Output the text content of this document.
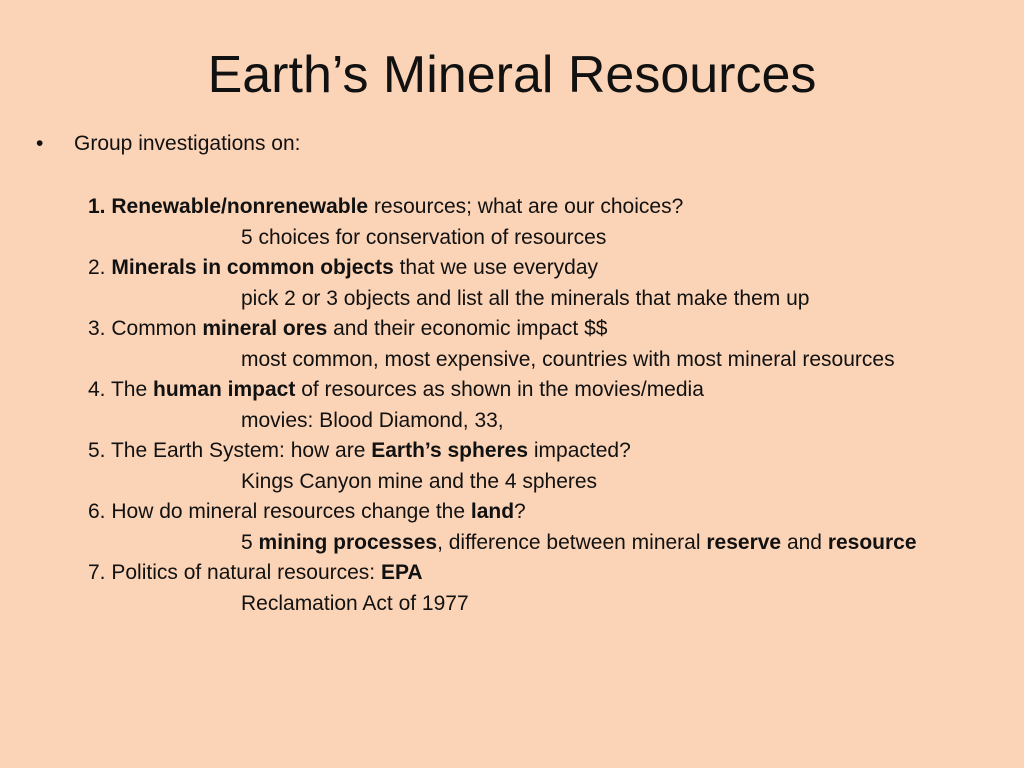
Earth’s Mineral Resources
• Group investigations on:
1. Renewable/nonrenewable resources; what are our choices?
5 choices for conservation of resources
2. Minerals in common objects that we use everyday
pick 2 or 3 objects and list all the minerals that make them up
3. Common mineral ores and their economic impact $$
most common, most expensive, countries with most mineral resources
4. The human impact of resources as shown in the movies/media
movies: Blood Diamond, 33,
5. The Earth System: how are Earth’s spheres impacted?
Kings Canyon mine and the 4 spheres
6. How do mineral resources change the land?
5 mining processes, difference between mineral reserve and resource
7. Politics of natural resources: EPA
Reclamation Act of 1977
